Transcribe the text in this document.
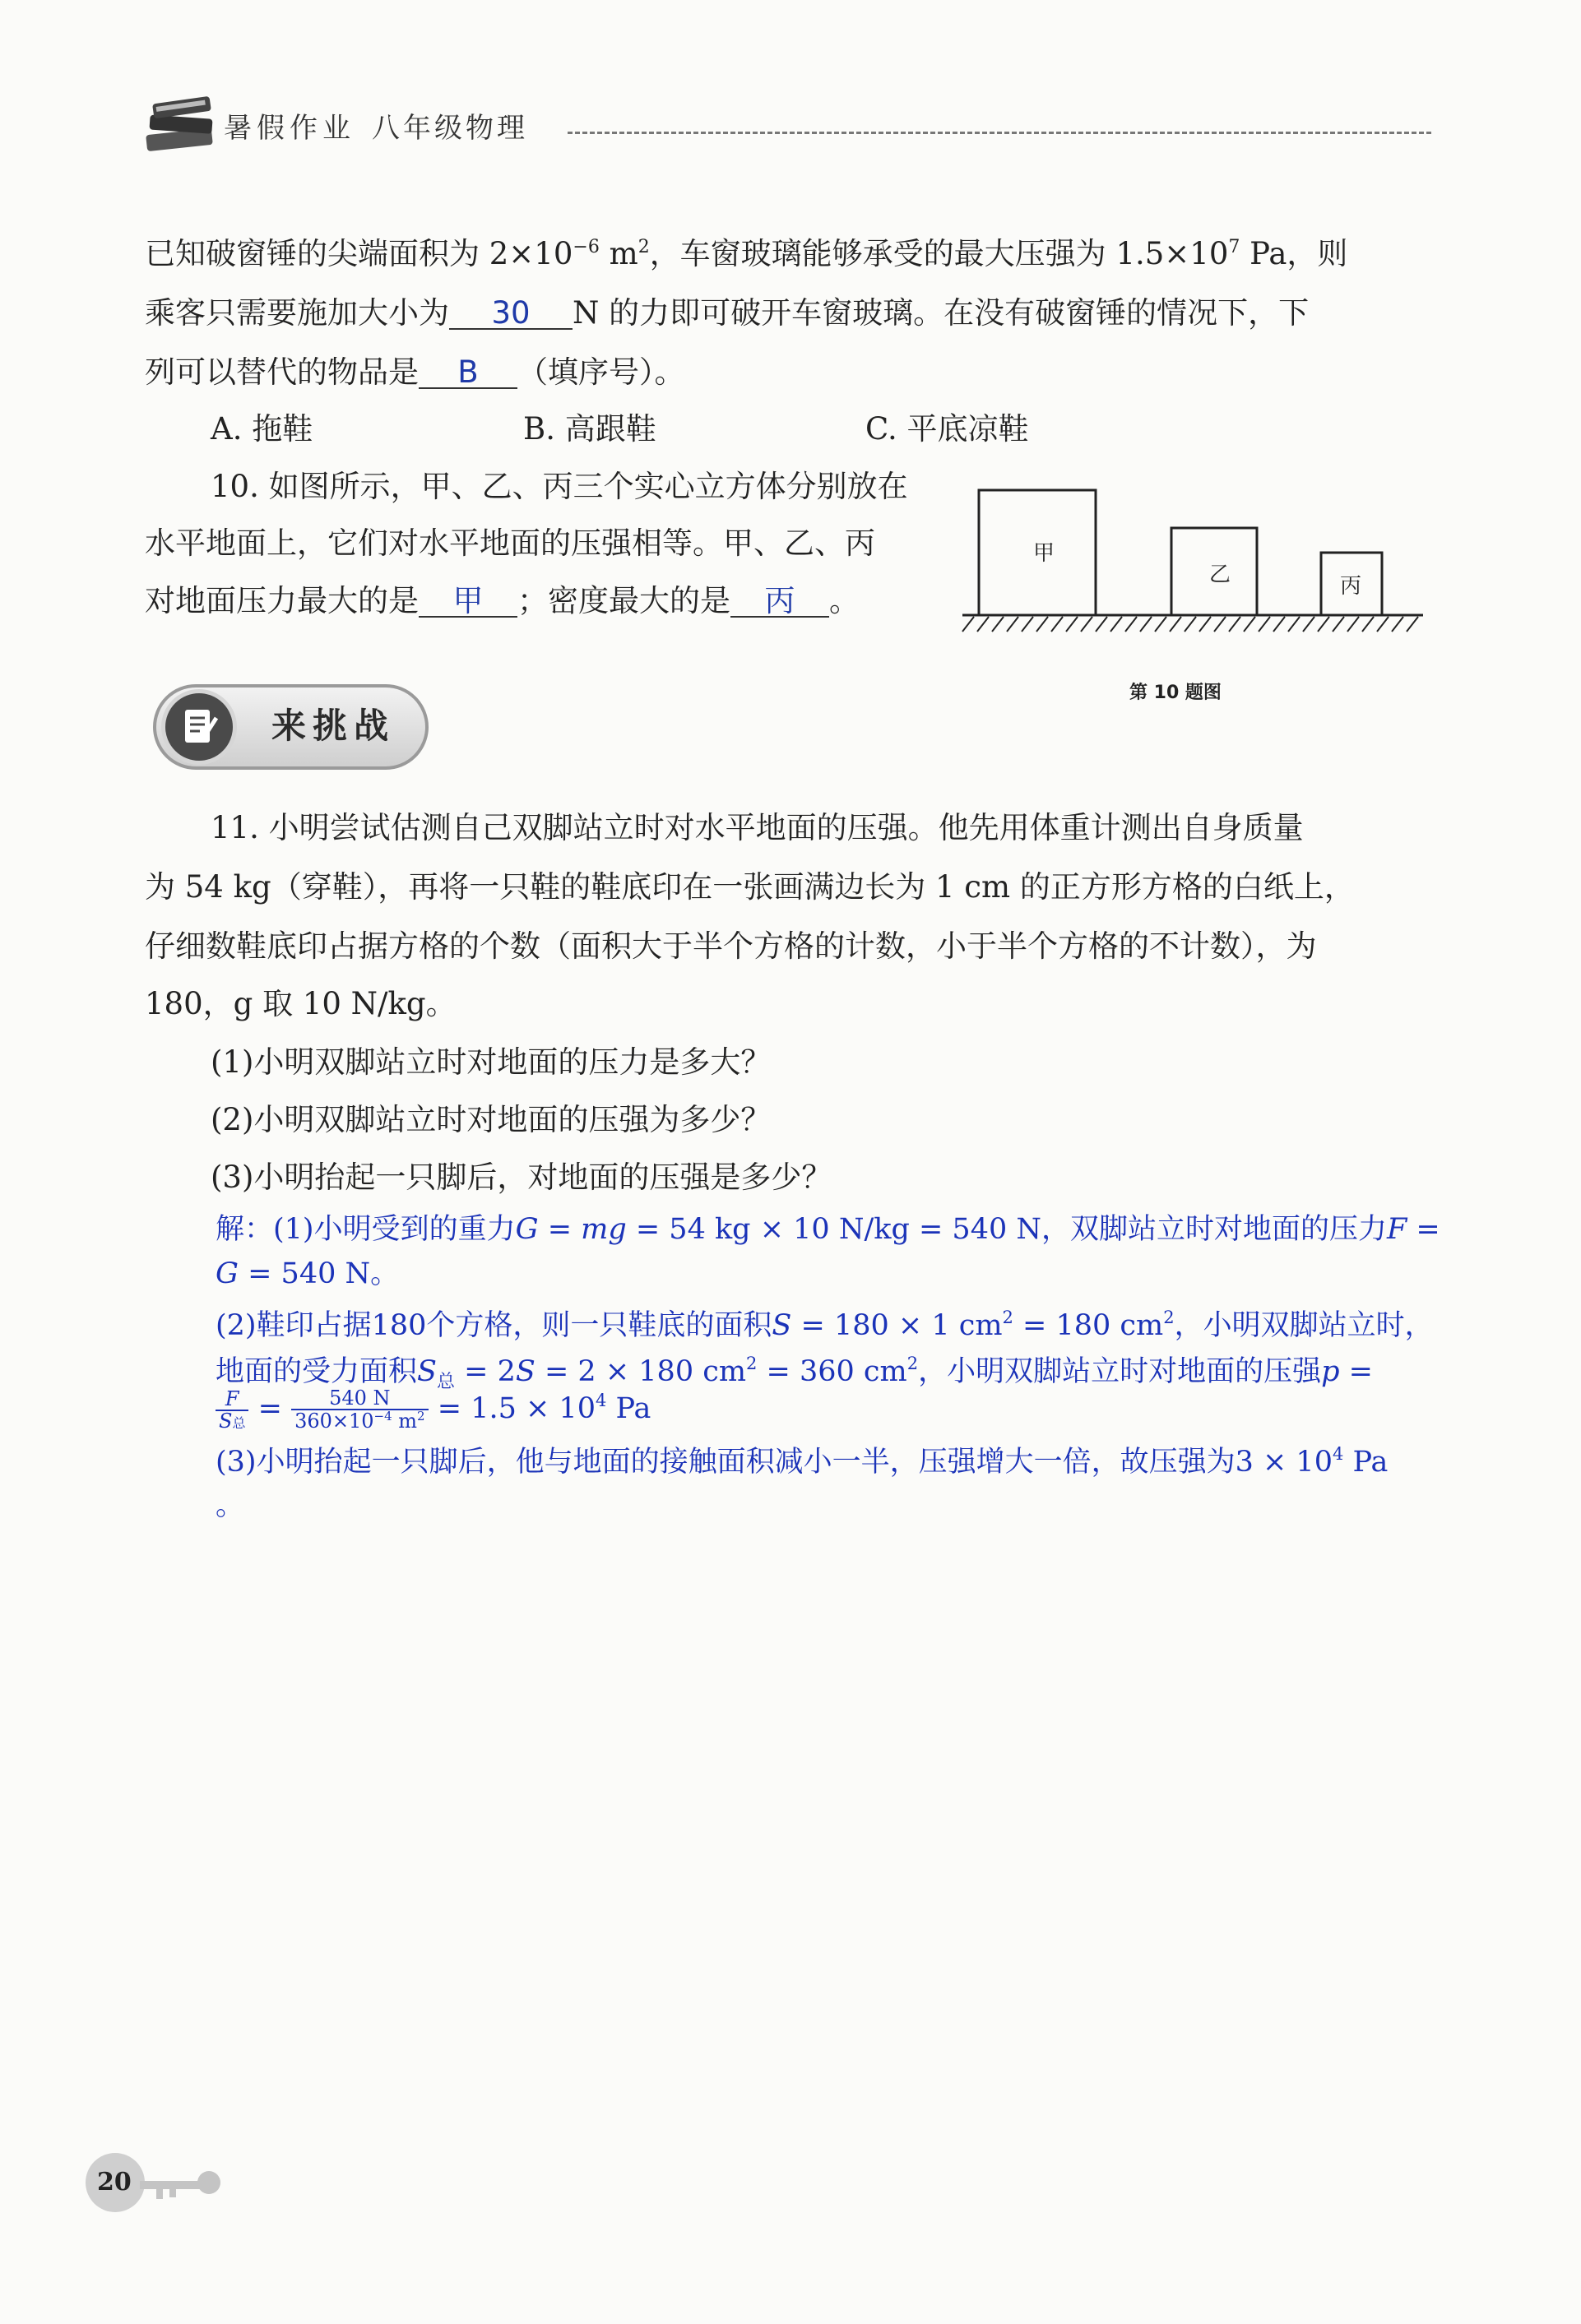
暑假作业 八年级物理
已知破窗锤的尖端面积为 $2\times 10^{-6}$ $m^2$，车窗玻璃能够承受的最大压强为 $1.5\times 10^7$ Pa，则
乘客只需要施加大小为 30 N 的力即可破开车窗玻璃。在没有破窗锤的情况下，下
列可以替代的物品是 B （填序号）。
A. 拖鞋	B. 高跟鞋	C. 平底凉鞋
10. 如图所示，甲、乙、丙三个实心立方体分别放在
水平地面上，它们对水平地面的压强相等。甲、乙、丙
对地面压力最大的是 甲 ；密度最大的是 丙 。
甲
乙	丙
第 10 题图
来挑战
11. 小明尝试估测自己双脚站立时对水平地面的压强。他先用体重计测出自身质量
为 54 kg（穿鞋），再将一只鞋的鞋底印在一张画满边长为 1 cm 的正方形方格的白纸上，
仔细数鞋底印占据方格的个数（面积大于半个方格的计数，小于半个方格的不计数），为
180，g 取 10 N/kg。
(1)小明双脚站立时对地面的压力是多大？
(2)小明双脚站立时对地面的压强为多少？
(3)小明抬起一只脚后，对地面的压强是多少？
解：(1)小明受到的重力G = mg = 54 kg × 10 N/kg = 540 N，双脚站立时对地面的压力F =
G = 540 N。
(2)鞋印占据180个方格，则一只鞋底的面积S = 180 × 1 $cm^2 = 180$ $cm^2$，小明双脚站立时，
地面的受力面积$S_总 = 2S = 2 \times 180$ $cm^2 = 360$ $cm^2$，小明双脚站立时对地面的压强p =
$\frac{F}{\text{S总}} = \frac{540 N}{360\times 10^{-4} m^2} = 1.5 \times 10^4$ Pa
(3)小明抬起一只脚后，他与地面的接触面积减小一半，压强增大一倍，故压强为$3 \times 10^4$ Pa
。
20
